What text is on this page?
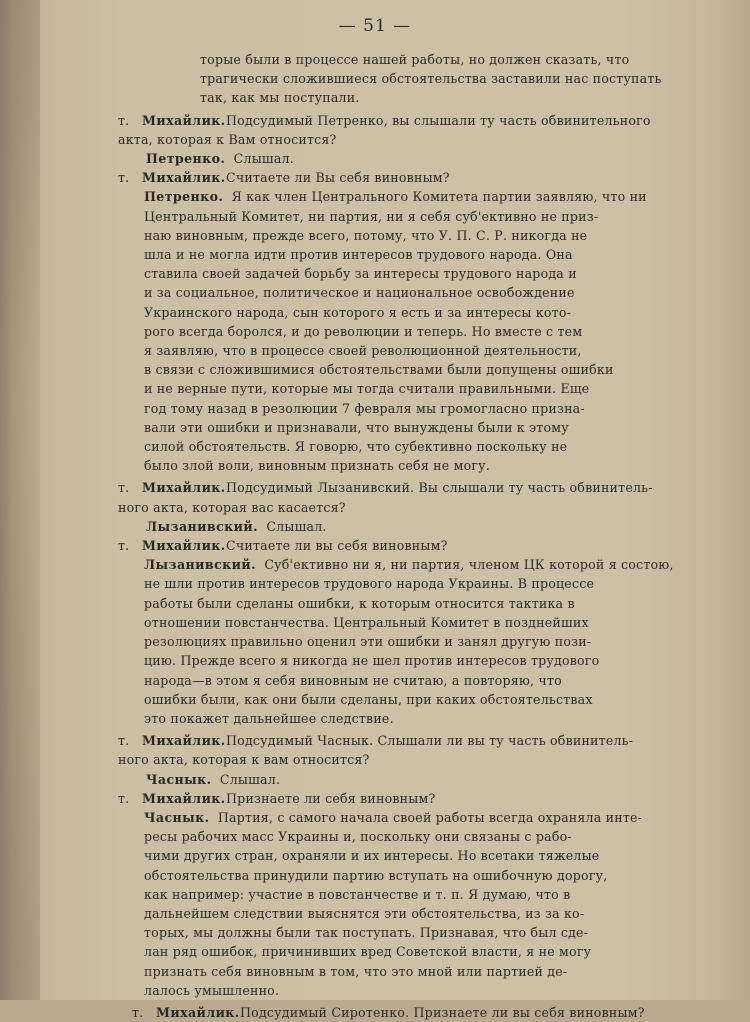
— 51 —
торые были в процессе нашей работы, но должен сказать, что
трагически сложившиеся обстоятельства заставили нас поступать
так, как мы поступали.
т. Михайлик.Подсудимый Петренко, вы слышали ту часть обвинительного
акта, которая к Вам относится?
Петренко. Слышал.
т. Михайлик.Считаете ли Вы себя виновным?
Петренко. Я как член Центрального Комитета партии заявляю, что ни
Центральный Комитет, ни партия, ни я себя суб'ективно не приз-
наю виновным, прежде всего, потому, что У. П. С. Р. никогда не
шла и не могла идти против интересов трудового народа. Она
ставила своей задачей борьбу за интересы трудового народа и
и за социальное, политическое и национальное освобождение
Украинского народа, сын которого я есть и за интересы кото-
рого всегда боролся, и до революции и теперь. Но вместе с тем
я заявляю, что в процессе своей революционной деятельности,
в связи с сложившимися обстоятельствами были допущены ошибки
и не верные пути, которые мы тогда считали правильными. Еще
год тому назад в резолюции 7 февраля мы громогласно призна-
вали эти ошибки и признавали, что вынуждены были к этому
силой обстоятельств. Я говорю, что субективно поскольку не
было злой воли, виновным признать себя не могу.
т. Михайлик.Подсудимый Лызанивский. Вы слышали ту часть обвинитель-
ного акта, которая вас касается?
Лызанивский. Слышал.
т. Михайлик.Считаете ли вы себя виновным?
Лызанивский. Суб'ективно ни я, ни партия, членом ЦК которой я состою,
не шли против интересов трудового народа Украины. В процессе
работы были сделаны ошибки, к которым относится тактика в
отношении повстанчества. Центральный Комитет в позднейших
резолюциях правильно оценил эти ошибки и занял другую пози-
цию. Прежде всего я никогда не шел против интересов трудового
народа—в этом я себя виновным не считаю, а повторяю, что
ошибки были, как они были сделаны, при каких обстоятельствах
это покажет дальнейшее следствие.
т. Михайлик.Подсудимый Часнык. Слышали ли вы ту часть обвинитель-
ного акта, которая к вам относится?
Часнык. Слышал.
т. Михайлик.Признаете ли себя виновным?
Часнык. Партия, с самого начала своей работы всегда охраняла инте-
ресы рабочих масс Украины и, поскольку они связаны с рабо-
чими других стран, охраняли и их интересы. Но всетаки тяжелые
обстоятельства принудили партию вступать на ошибочную дорогу,
как например: участие в повстанчестве и т. п. Я думаю, что в
дальнейшем следствии выяснятся эти обстоятельства, из за ко-
торых, мы должны были так поступать. Признавая, что был сде-
лан ряд ошибок, причинивших вред Советской власти, я не могу
признать себя виновным в том, что это мной или партией де-
лалось умышленно.
т. Михайлик.Подсудимый Сиротенко. Признаете ли вы себя виновным?
